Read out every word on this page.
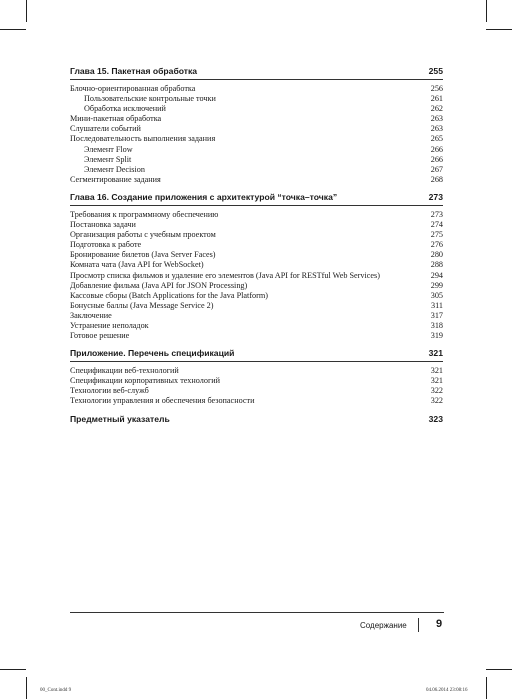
Глава 15. Пакетная обработка	255
Блочно-ориентированная обработка	256
Пользовательские контрольные точки	261
Обработка исключений	262
Мини-пакетная обработка	263
Слушатели событий	263
Последовательность выполнения задания	265
Элемент Flow	266
Элемент Split	266
Элемент Decision	267
Сегментирование задания	268
Глава 16. Создание приложения с архитектурой “точка–точка”	273
Требования к программному обеспечению	273
Постановка задачи	274
Организация работы с учебным проектом	275
Подготовка к работе	276
Бронирование билетов (Java Server Faces)	280
Комната чата (Java API for WebSocket)	288
Просмотр списка фильмов и удаление его элементов (Java API for RESTful Web Services)	294
Добавление фильма (Java API for JSON Processing)	299
Кассовые сборы (Batch Applications for the Java Platform)	305
Бонусные баллы (Java Message Service 2)	311
Заключение	317
Устранение неполадок	318
Готовое решение	319
Приложение. Перечень спецификаций	321
Спецификации веб-технологий	321
Спецификации корпоративных технологий	321
Технологии веб-служб	322
Технологии управления и обеспечения безопасности	322
Предметный указатель	323
Содержание	9
00_Cont.indd 9	04.06.2014 23:08:16
